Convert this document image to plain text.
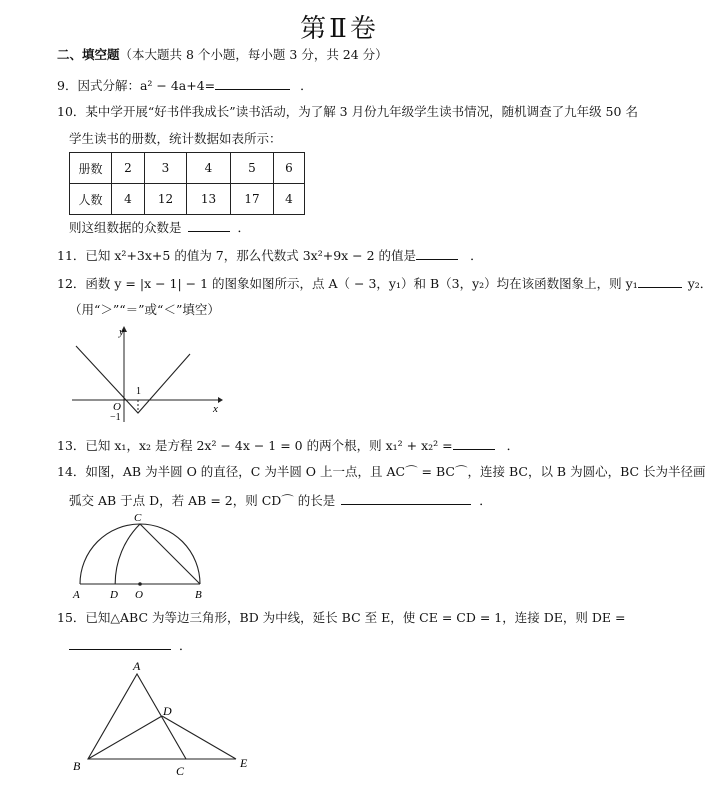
第Ⅱ卷
二、填空题（本大题共 8 个小题，每小题 3 分，共 24 分）
9．因式分解：a² − 4a+4=	．
10．某中学开展“好书伴我成长”读书活动，为了解 3 月份九年级学生读书情况，随机调查了九年级 50 名
学生读书的册数，统计数据如表所示：
册数	2	3	4	5	6
人数	4	12	13	17	4
则这组数据的众数是	．
11．已知 x²+3x+5 的值为 7，那么代数式 3x²+9x − 2 的值是	．
12．函数 y = |x − 1| − 1 的图象如图所示，点 A（ − 3，y₁）和 B（3，y₂）均在该函数图象上，则 y₁	y₂．
（用“＞”“＝”或“＜”填空）
y
x
O
1
−1
13．已知 x₁，x₂ 是方程 2x² − 4x − 1 = 0 的两个根，则 x₁² + x₂² =	．
14．如图，AB 为半圆 O 的直径，C 为半圆 O 上一点，且 AC⌒ = BC⌒，连接 BC，以 B 为圆心，BC 长为半径画
弧交 AB 于点 D，若 AB = 2，则 CD⌒ 的长是	．
C
A	D O	B
15．已知△ABC 为等边三角形，BD 为中线，延长 BC 至 E，使 CE = CD = 1，连接 DE，则 DE =
．
A
D
B	C
E
